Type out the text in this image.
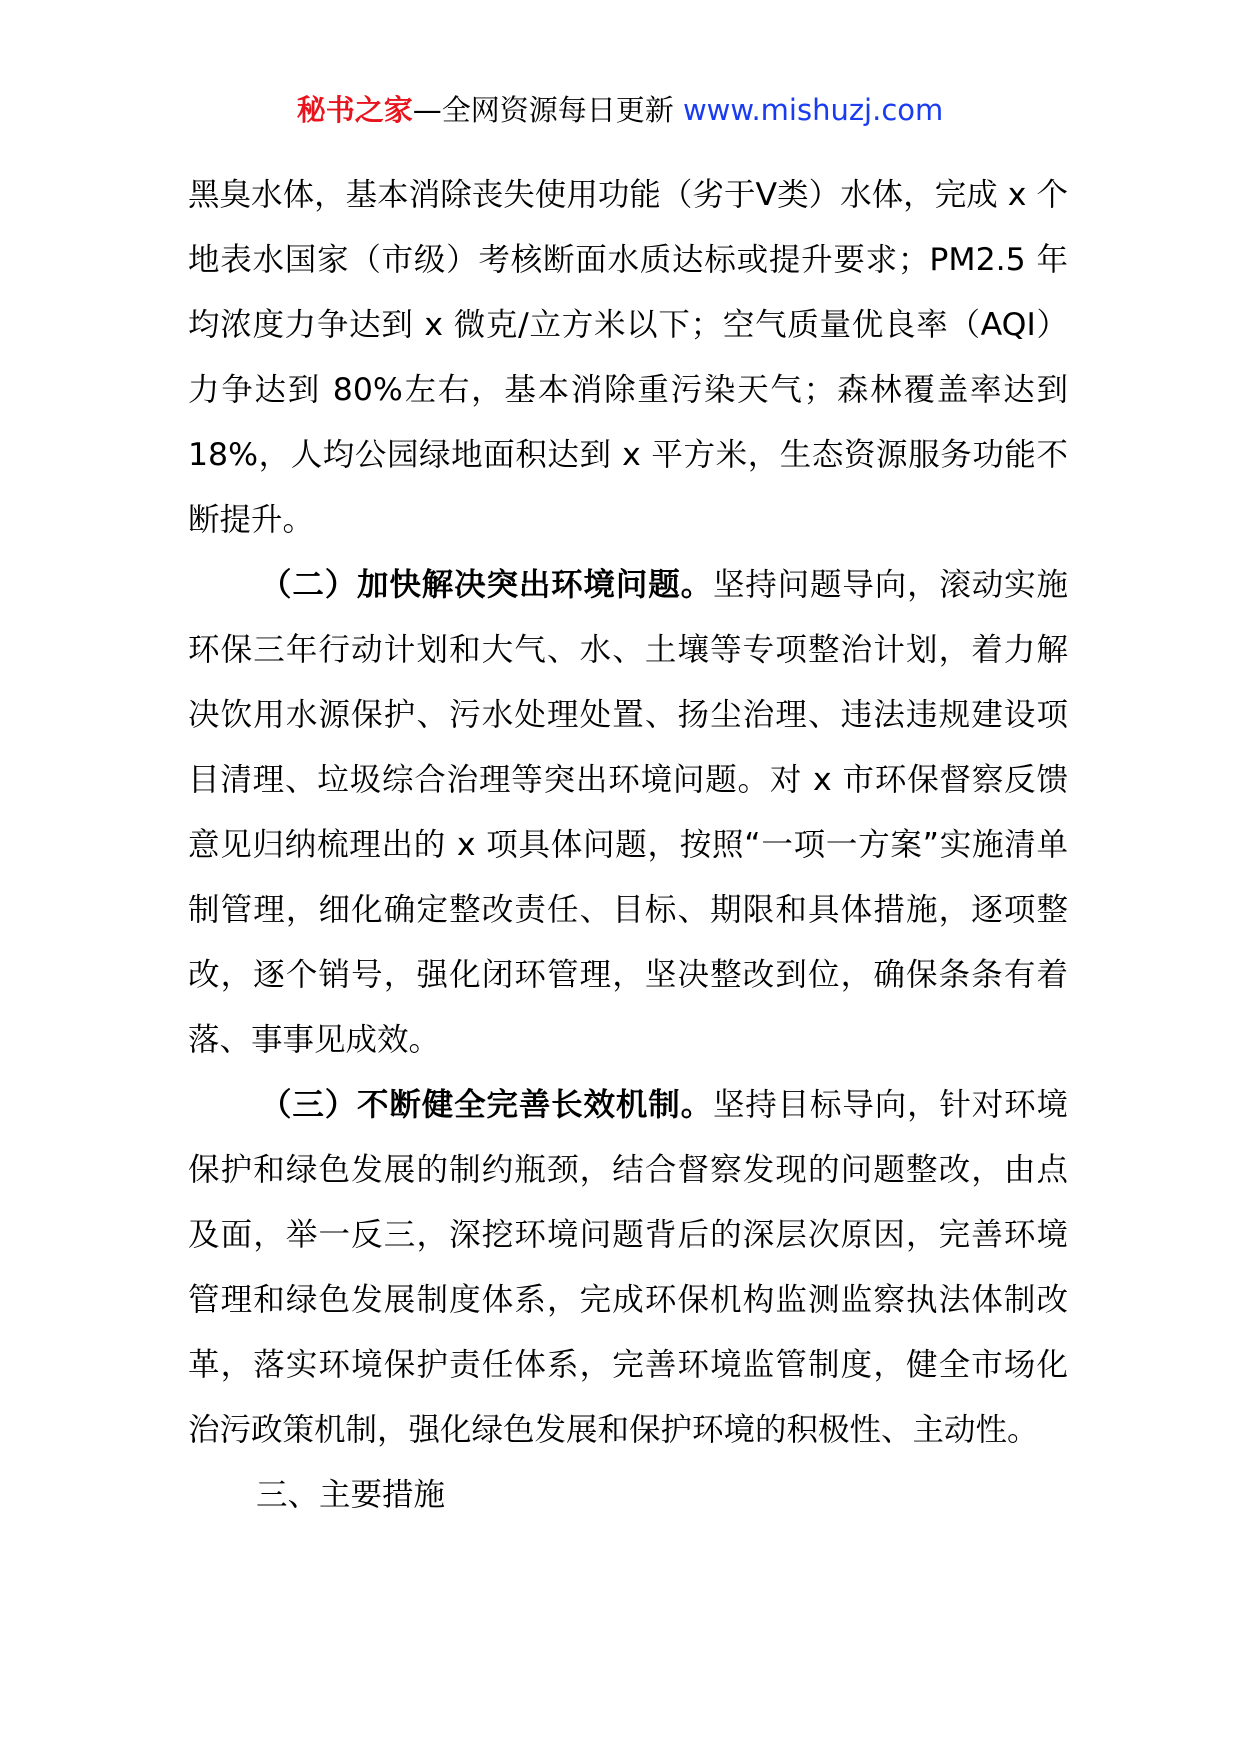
秘书之家—全网资源每日更新 www.mishuzj.com

黑臭水体，基本消除丧失使用功能（劣于Ⅴ类）水体，完成 x 个地表水国家（市级）考核断面水质达标或提升要求；PM2.5 年均浓度力争达到 x 微克/立方米以下；空气质量优良率（AQI）力争达到 80%左右，基本消除重污染天气；森林覆盖率达到 18%，人均公园绿地面积达到 x 平方米，生态资源服务功能不断提升。

（二）加快解决突出环境问题。坚持问题导向，滚动实施环保三年行动计划和大气、水、土壤等专项整治计划，着力解决饮用水源保护、污水处理处置、扬尘治理、违法违规建设项目清理、垃圾综合治理等突出环境问题。对 x 市环保督察反馈意见归纳梳理出的 x 项具体问题，按照“一项一方案”实施清单制管理，细化确定整改责任、目标、期限和具体措施，逐项整改，逐个销号，强化闭环管理，坚决整改到位，确保条条有着落、事事见成效。

（三）不断健全完善长效机制。坚持目标导向，针对环境保护和绿色发展的制约瓶颈，结合督察发现的问题整改，由点及面，举一反三，深挖环境问题背后的深层次原因，完善环境管理和绿色发展制度体系，完成环保机构监测监察执法体制改革，落实环境保护责任体系，完善环境监管制度，健全市场化治污政策机制，强化绿色发展和保护环境的积极性、主动性。

三、主要措施
